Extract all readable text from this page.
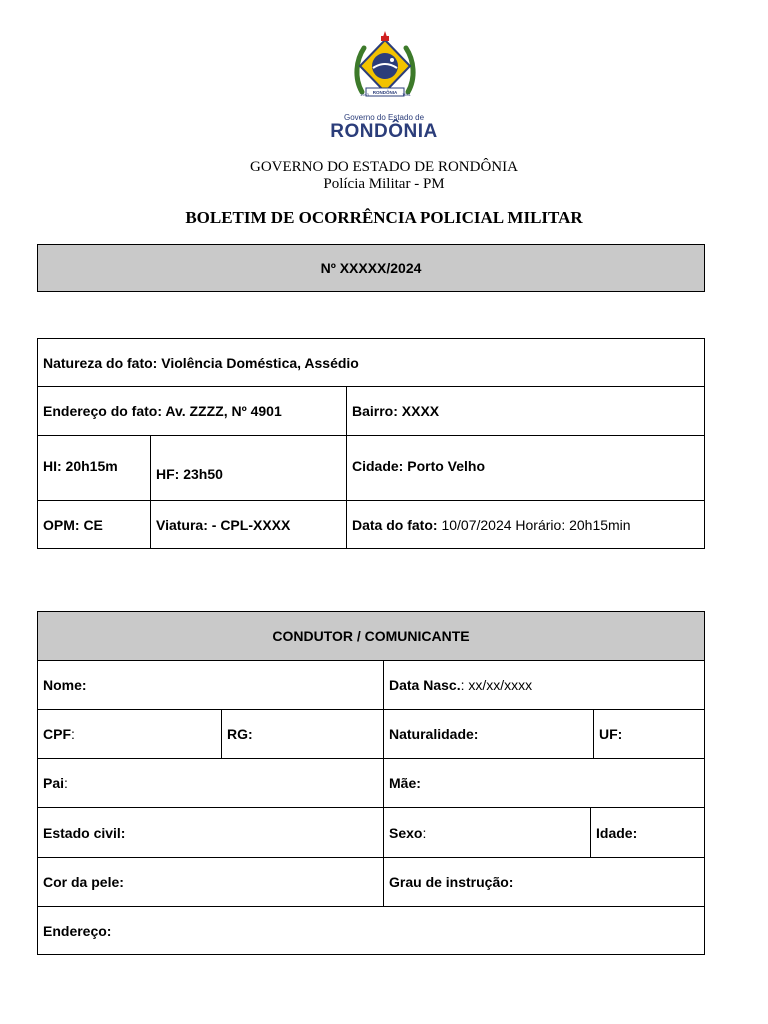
1943	1981
RONDÔNIA
Governo do Estado de
RONDÔNIA
GOVERNO DO ESTADO DE RONDÔNIA
Polícia Militar - PM
BOLETIM DE OCORRÊNCIA POLICIAL MILITAR
Nº XXXXX/2024
Natureza do fato: Violência Doméstica, Assédio
Endereço do fato: Av. ZZZZ, Nº 4901	Bairro: XXXX
HI: 20h15m	HF: 23h50	Cidade: Porto Velho
OPM: CE	Viatura: - CPL-XXXX	Data do fato: 10/07/2024 Horário: 20h15min
CONDUTOR / COMUNICANTE
Nome:	Data Nasc. : xx/xx/xxxx
CPF :	RG:	Naturalidade:	UF:
Pai :	Mãe:
Estado civil:	Sexo :	Idade:
Cor da pele:	Grau de instrução:
Endereço:
